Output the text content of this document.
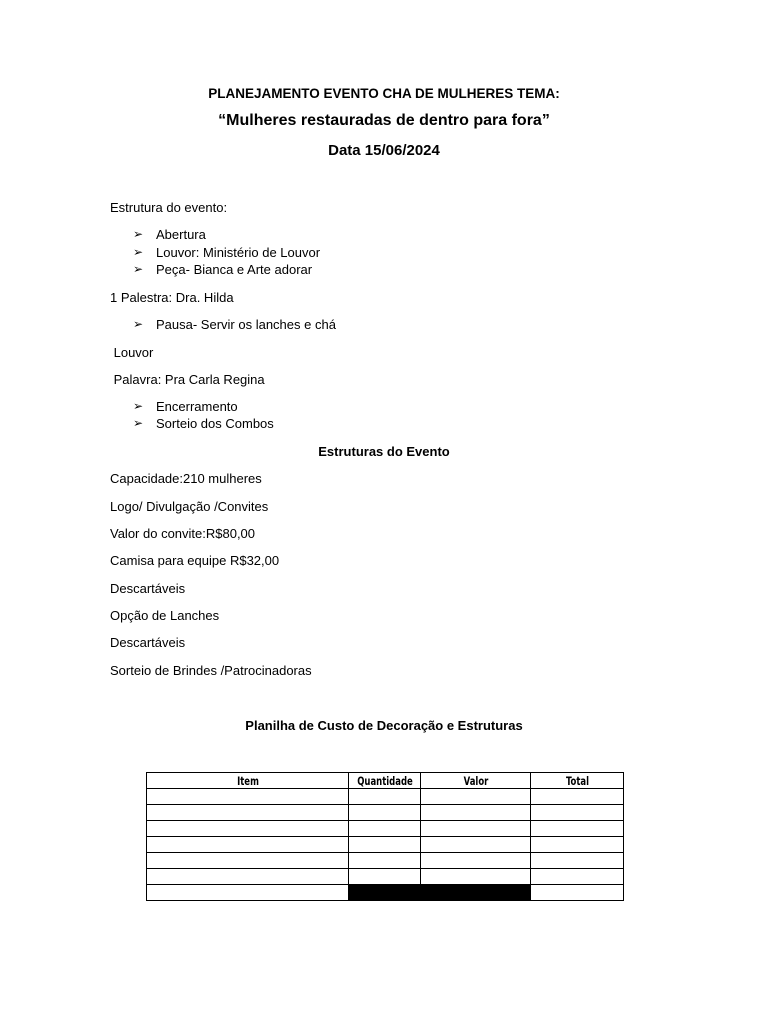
PLANEJAMENTO EVENTO CHA DE MULHERES TEMA:
“Mulheres restauradas de dentro para fora”
Data 15/06/2024
Estrutura do evento:
➢ Abertura
➢ Louvor: Ministério de Louvor
➢ Peça- Bianca e Arte adorar
1 Palestra: Dra. Hilda
➢ Pausa- Servir os lanches e chá
Louvor
Palavra: Pra Carla Regina
➢ Encerramento
➢ Sorteio dos Combos
Estruturas do Evento
Capacidade:210 mulheres
Logo/ Divulgação /Convites
Valor do convite:R$80,00
Camisa para equipe R$32,00
Descartáveis
Opção de Lanches
Descartáveis
Sorteio de Brindes /Patrocinadoras
Planilha de Custo de Decoração e Estruturas
Item	Quantidade	Valor	Total
